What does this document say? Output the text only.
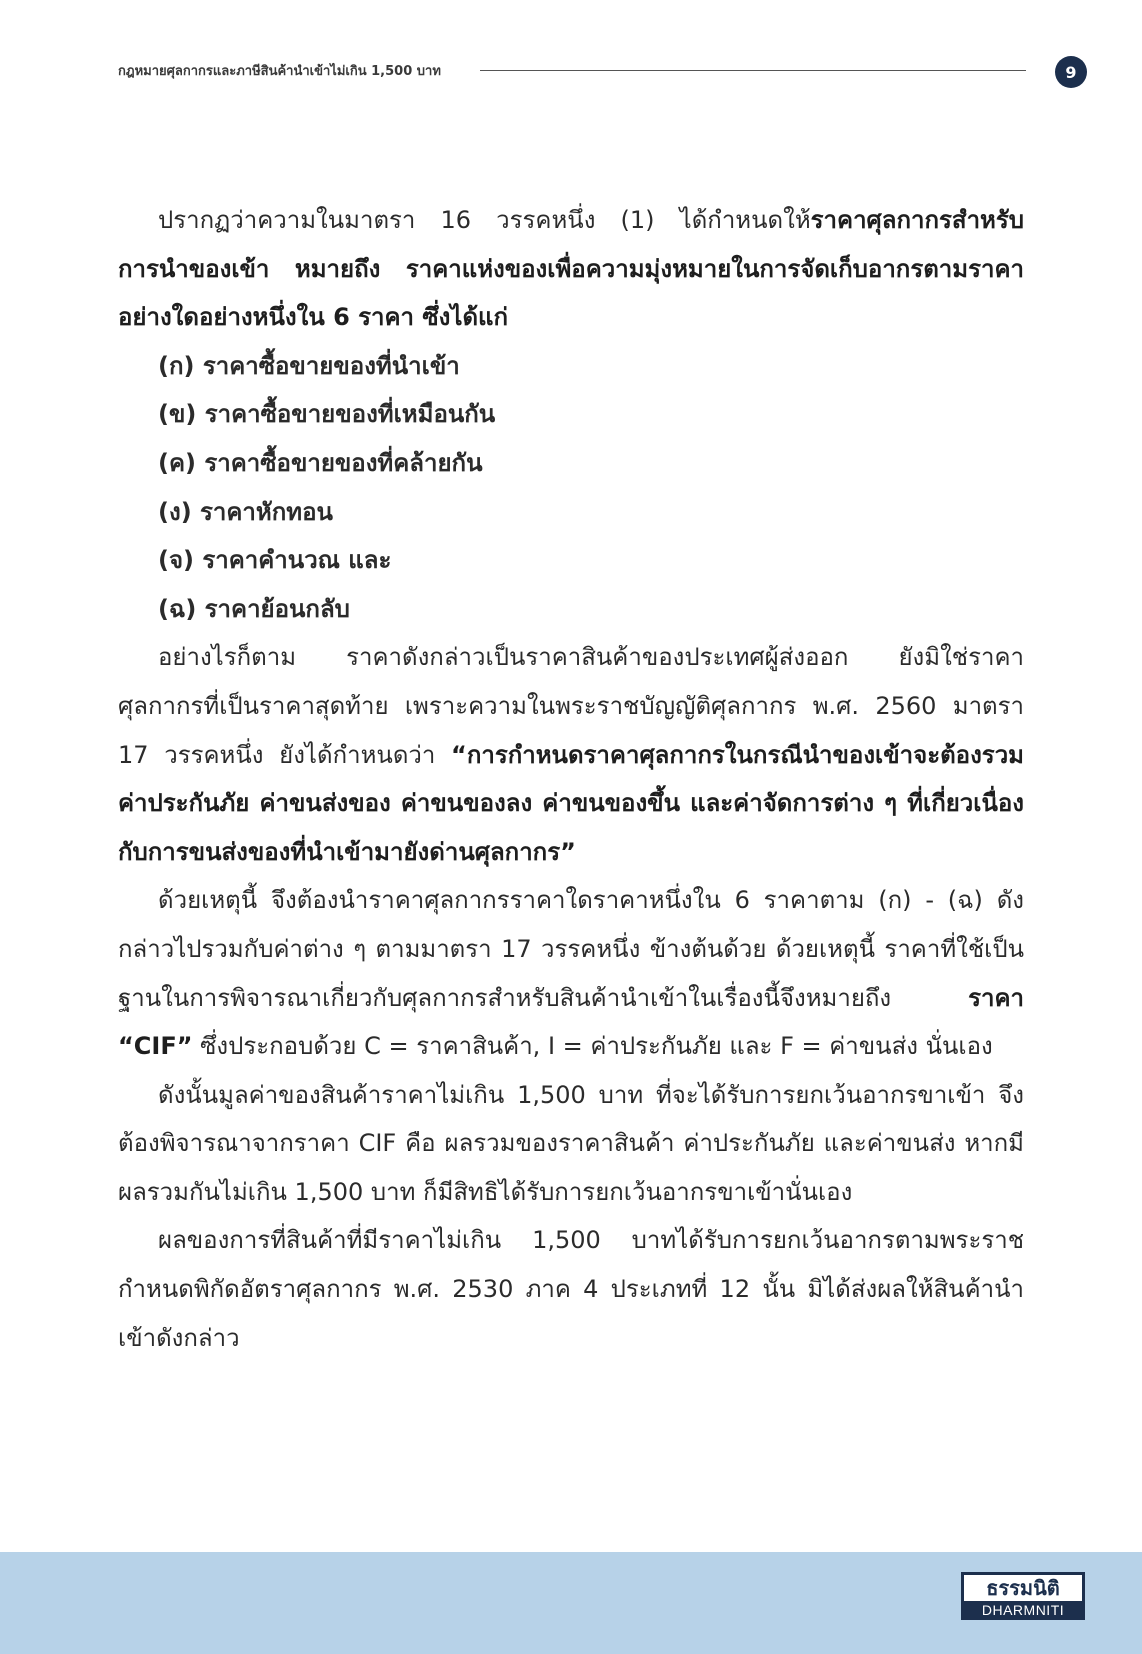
กฎหมายศุลกากรและภาษีสินค้านำเข้าไม่เกิน 1,500 บาท	9

ปรากฏว่าความในมาตรา 16 วรรคหนึ่ง (1) ได้กำหนดให้ราคาศุลกากรสำหรับการนำของเข้า หมายถึง ราคาแห่งของเพื่อความมุ่งหมายในการจัดเก็บอากรตามราคาอย่างใดอย่างหนึ่งใน 6 ราคา ซึ่งได้แก่

(ก) ราคาซื้อขายของที่นำเข้า
(ข) ราคาซื้อขายของที่เหมือนกัน
(ค) ราคาซื้อขายของที่คล้ายกัน
(ง) ราคาหักทอน
(จ) ราคาคำนวณ และ
(ฉ) ราคาย้อนกลับ

อย่างไรก็ตาม ราคาดังกล่าวเป็นราคาสินค้าของประเทศผู้ส่งออก ยังมิใช่ราคาศุลกากรที่เป็นราคาสุดท้าย เพราะความในพระราชบัญญัติศุลกากร พ.ศ. 2560 มาตรา 17 วรรคหนึ่ง ยังได้กำหนดว่า “การกำหนดราคาศุลกากรในกรณีนำของเข้าจะต้องรวมค่าประกันภัย ค่าขนส่งของ ค่าขนของลง ค่าขนของขึ้น และค่าจัดการต่าง ๆ ที่เกี่ยวเนื่องกับการขนส่งของที่นำเข้ามายังด่านศุลกากร”

ด้วยเหตุนี้ จึงต้องนำราคาศุลกากรราคาใดราคาหนึ่งใน 6 ราคาตาม (ก) - (ฉ) ดังกล่าวไปรวมกับค่าต่าง ๆ ตามมาตรา 17 วรรคหนึ่ง ข้างต้นด้วย ด้วยเหตุนี้ ราคาที่ใช้เป็นฐานในการพิจารณาเกี่ยวกับศุลกากรสำหรับสินค้านำเข้าในเรื่องนี้จึงหมายถึง ราคา “CIF” ซึ่งประกอบด้วย C = ราคาสินค้า, I = ค่าประกันภัย และ F = ค่าขนส่ง นั่นเอง

ดังนั้นมูลค่าของสินค้าราคาไม่เกิน 1,500 บาท ที่จะได้รับการยกเว้นอากรขาเข้า จึงต้องพิจารณาจากราคา CIF คือ ผลรวมของราคาสินค้า ค่าประกันภัย และค่าขนส่ง หากมีผลรวมกันไม่เกิน 1,500 บาท ก็มีสิทธิได้รับการยกเว้นอากรขาเข้านั่นเอง

ผลของการที่สินค้าที่มีราคาไม่เกิน 1,500 บาทได้รับการยกเว้นอากรตามพระราชกำหนดพิกัดอัตราศุลกากร พ.ศ. 2530 ภาค 4 ประเภทที่ 12 นั้น มิได้ส่งผลให้สินค้านำเข้าดังกล่าว

ธรรมนิติ
DHARMNITI
